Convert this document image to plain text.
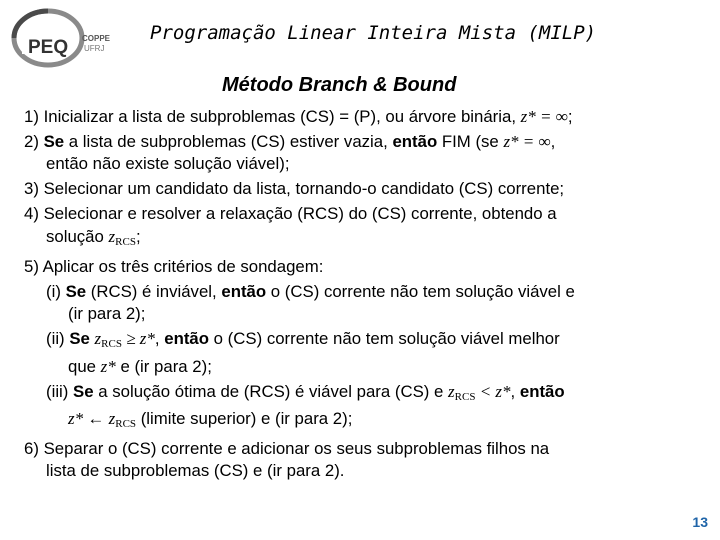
PEQ COPPE
UFRJ
Programação Linear Inteira Mista (MILP)
Método Branch & Bound
1) Inicializar a lista de subproblemas (CS) = (P), ou árvore binária, z* = ∞;
2) Se a lista de subproblemas (CS) estiver vazia, então FIM (se z* = ∞,
então não existe solução viável);
3) Selecionar um candidato da lista, tornando-o candidato (CS) corrente;
4) Selecionar e resolver a relaxação (RCS) do (CS) corrente, obtendo a
solução $z_{RCS}$;
5) Aplicar os três critérios de sondagem:
(i) Se (RCS) é inviável, então o (CS) corrente não tem solução viável e
(ir para 2);
(ii) Se $z_{RCS} \ge z*$, então o (CS) corrente não tem solução viável melhor
que z* e (ir para 2);
(iii) Se a solução ótima de (RCS) é viável para (CS) e $z_{RCS} < z*$, então
z* ← $z_{RCS}$ (limite superior) e (ir para 2);
6) Separar o (CS) corrente e adicionar os seus subproblemas filhos na
lista de subproblemas (CS) e (ir para 2).
13
